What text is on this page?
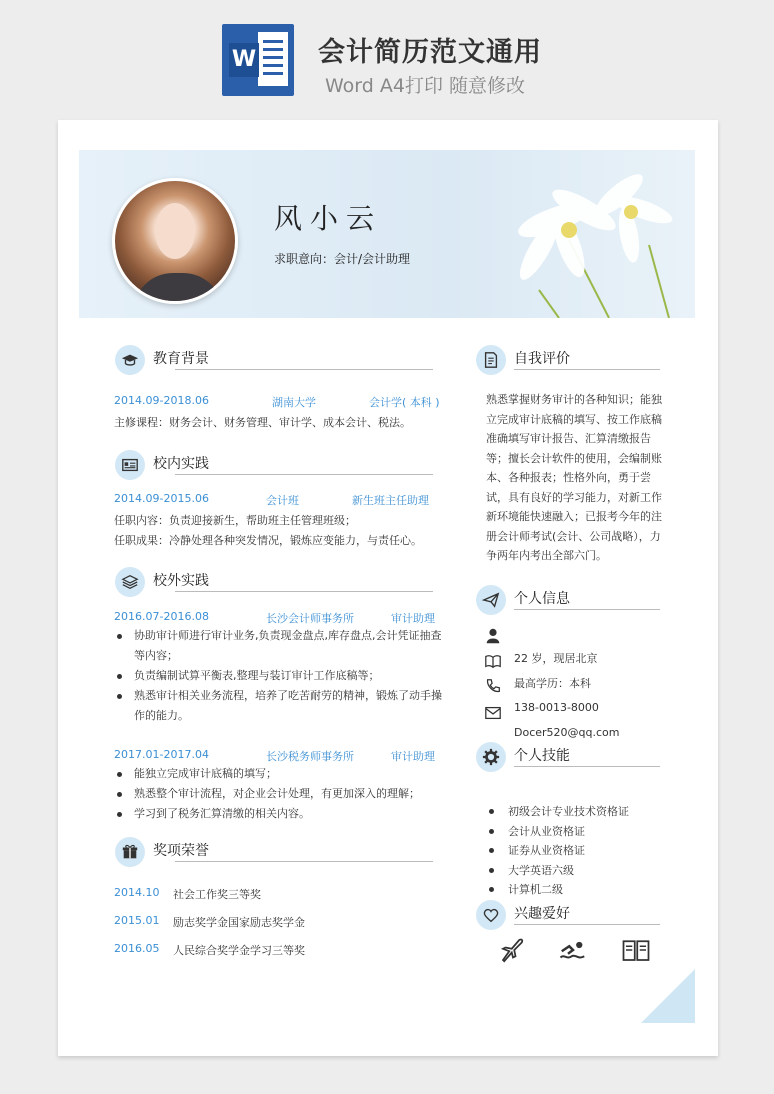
W 会计简历范文通用
Word A4打印 随意修改
风小云
求职意向：会计/会计助理
教育背景
2014.09-2018.06	湖南大学	会计学( 本科 )
主修课程：财务会计、财务管理、审计学、成本会计、税法。
校内实践
2014.09-2015.06	会计班	新生班主任助理
任职内容：负责迎接新生，帮助班主任管理班级；
任职成果：冷静处理各种突发情况，锻炼应变能力，与责任心。
校外实践
2016.07-2016.08	长沙会计师事务所	审计助理
协助审计师进行审计业务,负责现金盘点,库存盘点,会计凭证抽查等内容；
负责编制试算平衡表,整理与装订审计工作底稿等；
熟悉审计相关业务流程，培养了吃苦耐劳的精神，锻炼了动手操作的能力。
2017.01-2017.04	长沙税务师事务所	审计助理
能独立完成审计底稿的填写；
熟悉整个审计流程，对企业会计处理，有更加深入的理解；
学习到了税务汇算清缴的相关内容。
奖项荣誉
2014.10 社会工作奖三等奖
2015.01 励志奖学金国家励志奖学金
2016.05 人民综合奖学金学习三等奖
自我评价
熟悉掌握财务审计的各种知识；能独立完成审计底稿的填写、按工作底稿准确填写审计报告、汇算清缴报告等；擅长会计软件的使用，会编制账本、各种报表；性格外向，勇于尝试，具有良好的学习能力，对新工作新环境能快速融入；已报考今年的注册会计师考试(会计、公司战略），力争两年内考出全部六门。
个人信息
22 岁，现居北京
最高学历：本科
138-0013-8000
Docer520@qq.com
个人技能
初级会计专业技术资格证
会计从业资格证
证券从业资格证
大学英语六级
计算机二级
兴趣爱好
